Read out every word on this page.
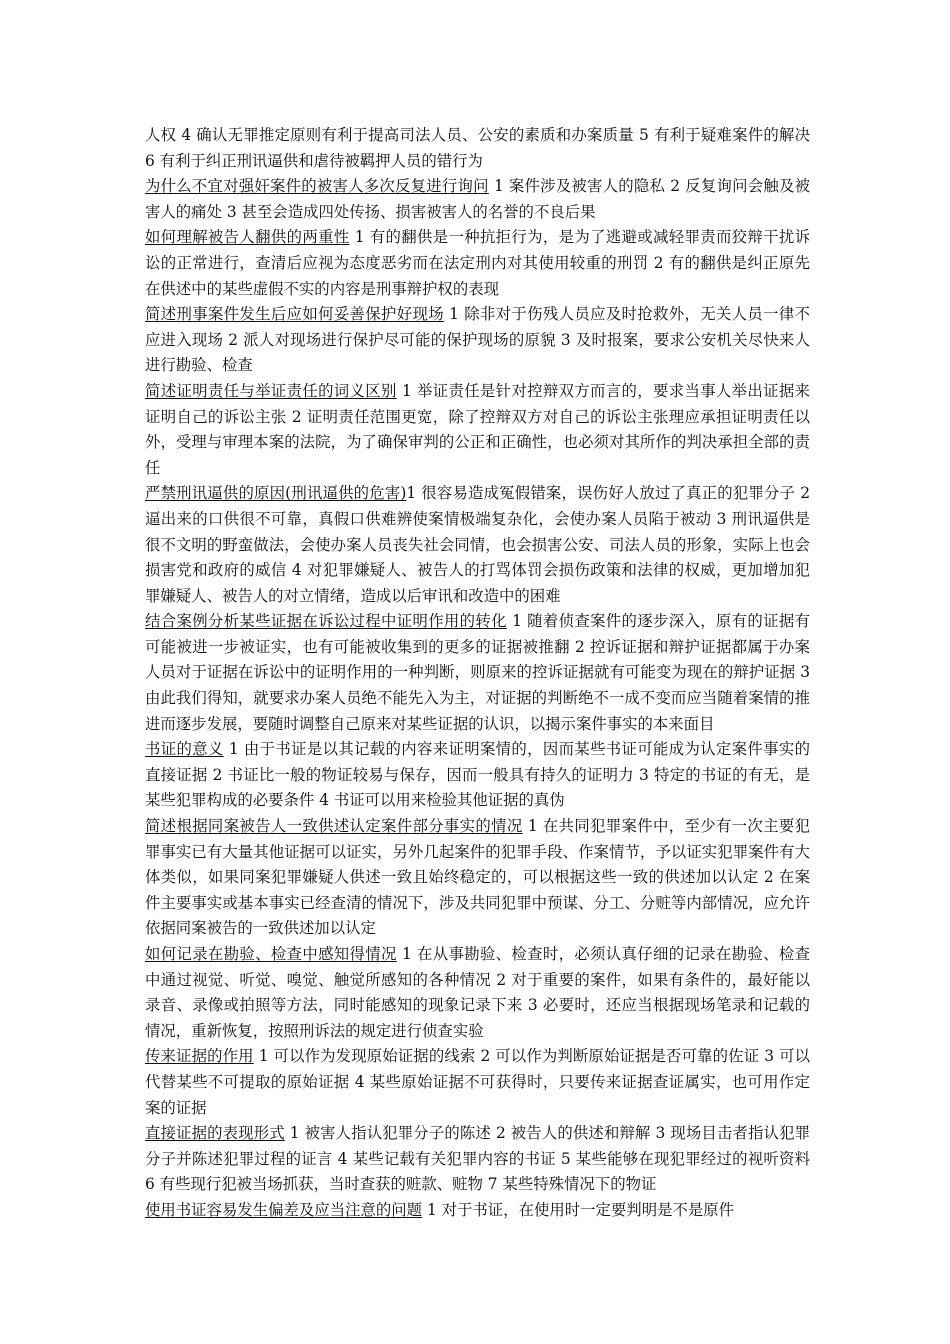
人权 4 确认无罪推定原则有利于提高司法人员、公安的素质和办案质量 5 有利于疑难案件的解决 6 有利于纠正刑讯逼供和虐待被羁押人员的错行为

为什么不宜对强奸案件的被害人多次反复进行询问 1 案件涉及被害人的隐私 2 反复询问会触及被害人的痛处 3 甚至会造成四处传扬、损害被害人的名誉的不良后果

如何理解被告人翻供的两重性 1 有的翻供是一种抗拒行为，是为了逃避或减轻罪责而狡辩干扰诉讼的正常进行，查清后应视为态度恶劣而在法定刑内对其使用较重的刑罚 2 有的翻供是纠正原先在供述中的某些虚假不实的内容是刑事辩护权的表现

简述刑事案件发生后应如何妥善保护好现场 1 除非对于伤残人员应及时抢救外，无关人员一律不应进入现场 2 派人对现场进行保护尽可能的保护现场的原貌 3 及时报案，要求公安机关尽快来人进行勘验、检查

简述证明责任与举证责任的词义区别 1 举证责任是针对控辩双方而言的，要求当事人举出证据来证明自己的诉讼主张 2 证明责任范围更宽，除了控辩双方对自己的诉讼主张理应承担证明责任以外，受理与审理本案的法院，为了确保审判的公正和正确性，也必须对其所作的判决承担全部的责任

严禁刑讯逼供的原因(刑讯逼供的危害)1 很容易造成冤假错案，误伤好人放过了真正的犯罪分子 2 逼出来的口供很不可靠，真假口供难辨使案情极端复杂化，会使办案人员陷于被动 3 刑讯逼供是很不文明的野蛮做法，会使办案人员丧失社会同情，也会损害公安、司法人员的形象，实际上也会损害党和政府的威信 4 对犯罪嫌疑人、被告人的打骂体罚会损伤政策和法律的权威，更加增加犯罪嫌疑人、被告人的对立情绪，造成以后审讯和改造中的困难

结合案例分析某些证据在诉讼过程中证明作用的转化 1 随着侦查案件的逐步深入，原有的证据有可能被进一步被证实，也有可能被收集到的更多的证据被推翻 2 控诉证据和辩护证据都属于办案人员对于证据在诉讼中的证明作用的一种判断，则原来的控诉证据就有可能变为现在的辩护证据 3 由此我们得知，就要求办案人员绝不能先入为主，对证据的判断绝不一成不变而应当随着案情的推进而逐步发展，要随时调整自己原来对某些证据的认识，以揭示案件事实的本来面目

书证的意义 1 由于书证是以其记载的内容来证明案情的，因而某些书证可能成为认定案件事实的直接证据 2 书证比一般的物证较易与保存，因而一般具有持久的证明力 3 特定的书证的有无，是某些犯罪构成的必要条件 4 书证可以用来检验其他证据的真伪

简述根据同案被告人一致供述认定案件部分事实的情况 1 在共同犯罪案件中，至少有一次主要犯罪事实已有大量其他证据可以证实，另外几起案件的犯罪手段、作案情节，予以证实犯罪案件有大体类似，如果同案犯罪嫌疑人供述一致且始终稳定的，可以根据这些一致的供述加以认定 2 在案件主要事实或基本事实已经查清的情况下，涉及共同犯罪中预谋、分工、分赃等内部情况，应允许依据同案被告的一致供述加以认定

如何记录在勘验、检查中感知得情况 1 在从事勘验、检查时，必须认真仔细的记录在勘验、检查中通过视觉、听觉、嗅觉、触觉所感知的各种情况 2 对于重要的案件，如果有条件的，最好能以录音、录像或拍照等方法，同时能感知的现象记录下来 3 必要时，还应当根据现场笔录和记载的情况，重新恢复，按照刑诉法的规定进行侦查实验

传来证据的作用 1 可以作为发现原始证据的线索 2 可以作为判断原始证据是否可靠的佐证 3 可以代替某些不可提取的原始证据 4 某些原始证据不可获得时，只要传来证据查证属实，也可用作定案的证据

直接证据的表现形式 1 被害人指认犯罪分子的陈述 2 被告人的供述和辩解 3 现场目击者指认犯罪分子并陈述犯罪过程的证言 4 某些记载有关犯罪内容的书证 5 某些能够在现犯罪经过的视听资料 6 有些现行犯被当场抓获，当时查获的赃款、赃物 7 某些特殊情况下的物证

使用书证容易发生偏差及应当注意的问题 1 对于书证，在使用时一定要判明是不是原件
